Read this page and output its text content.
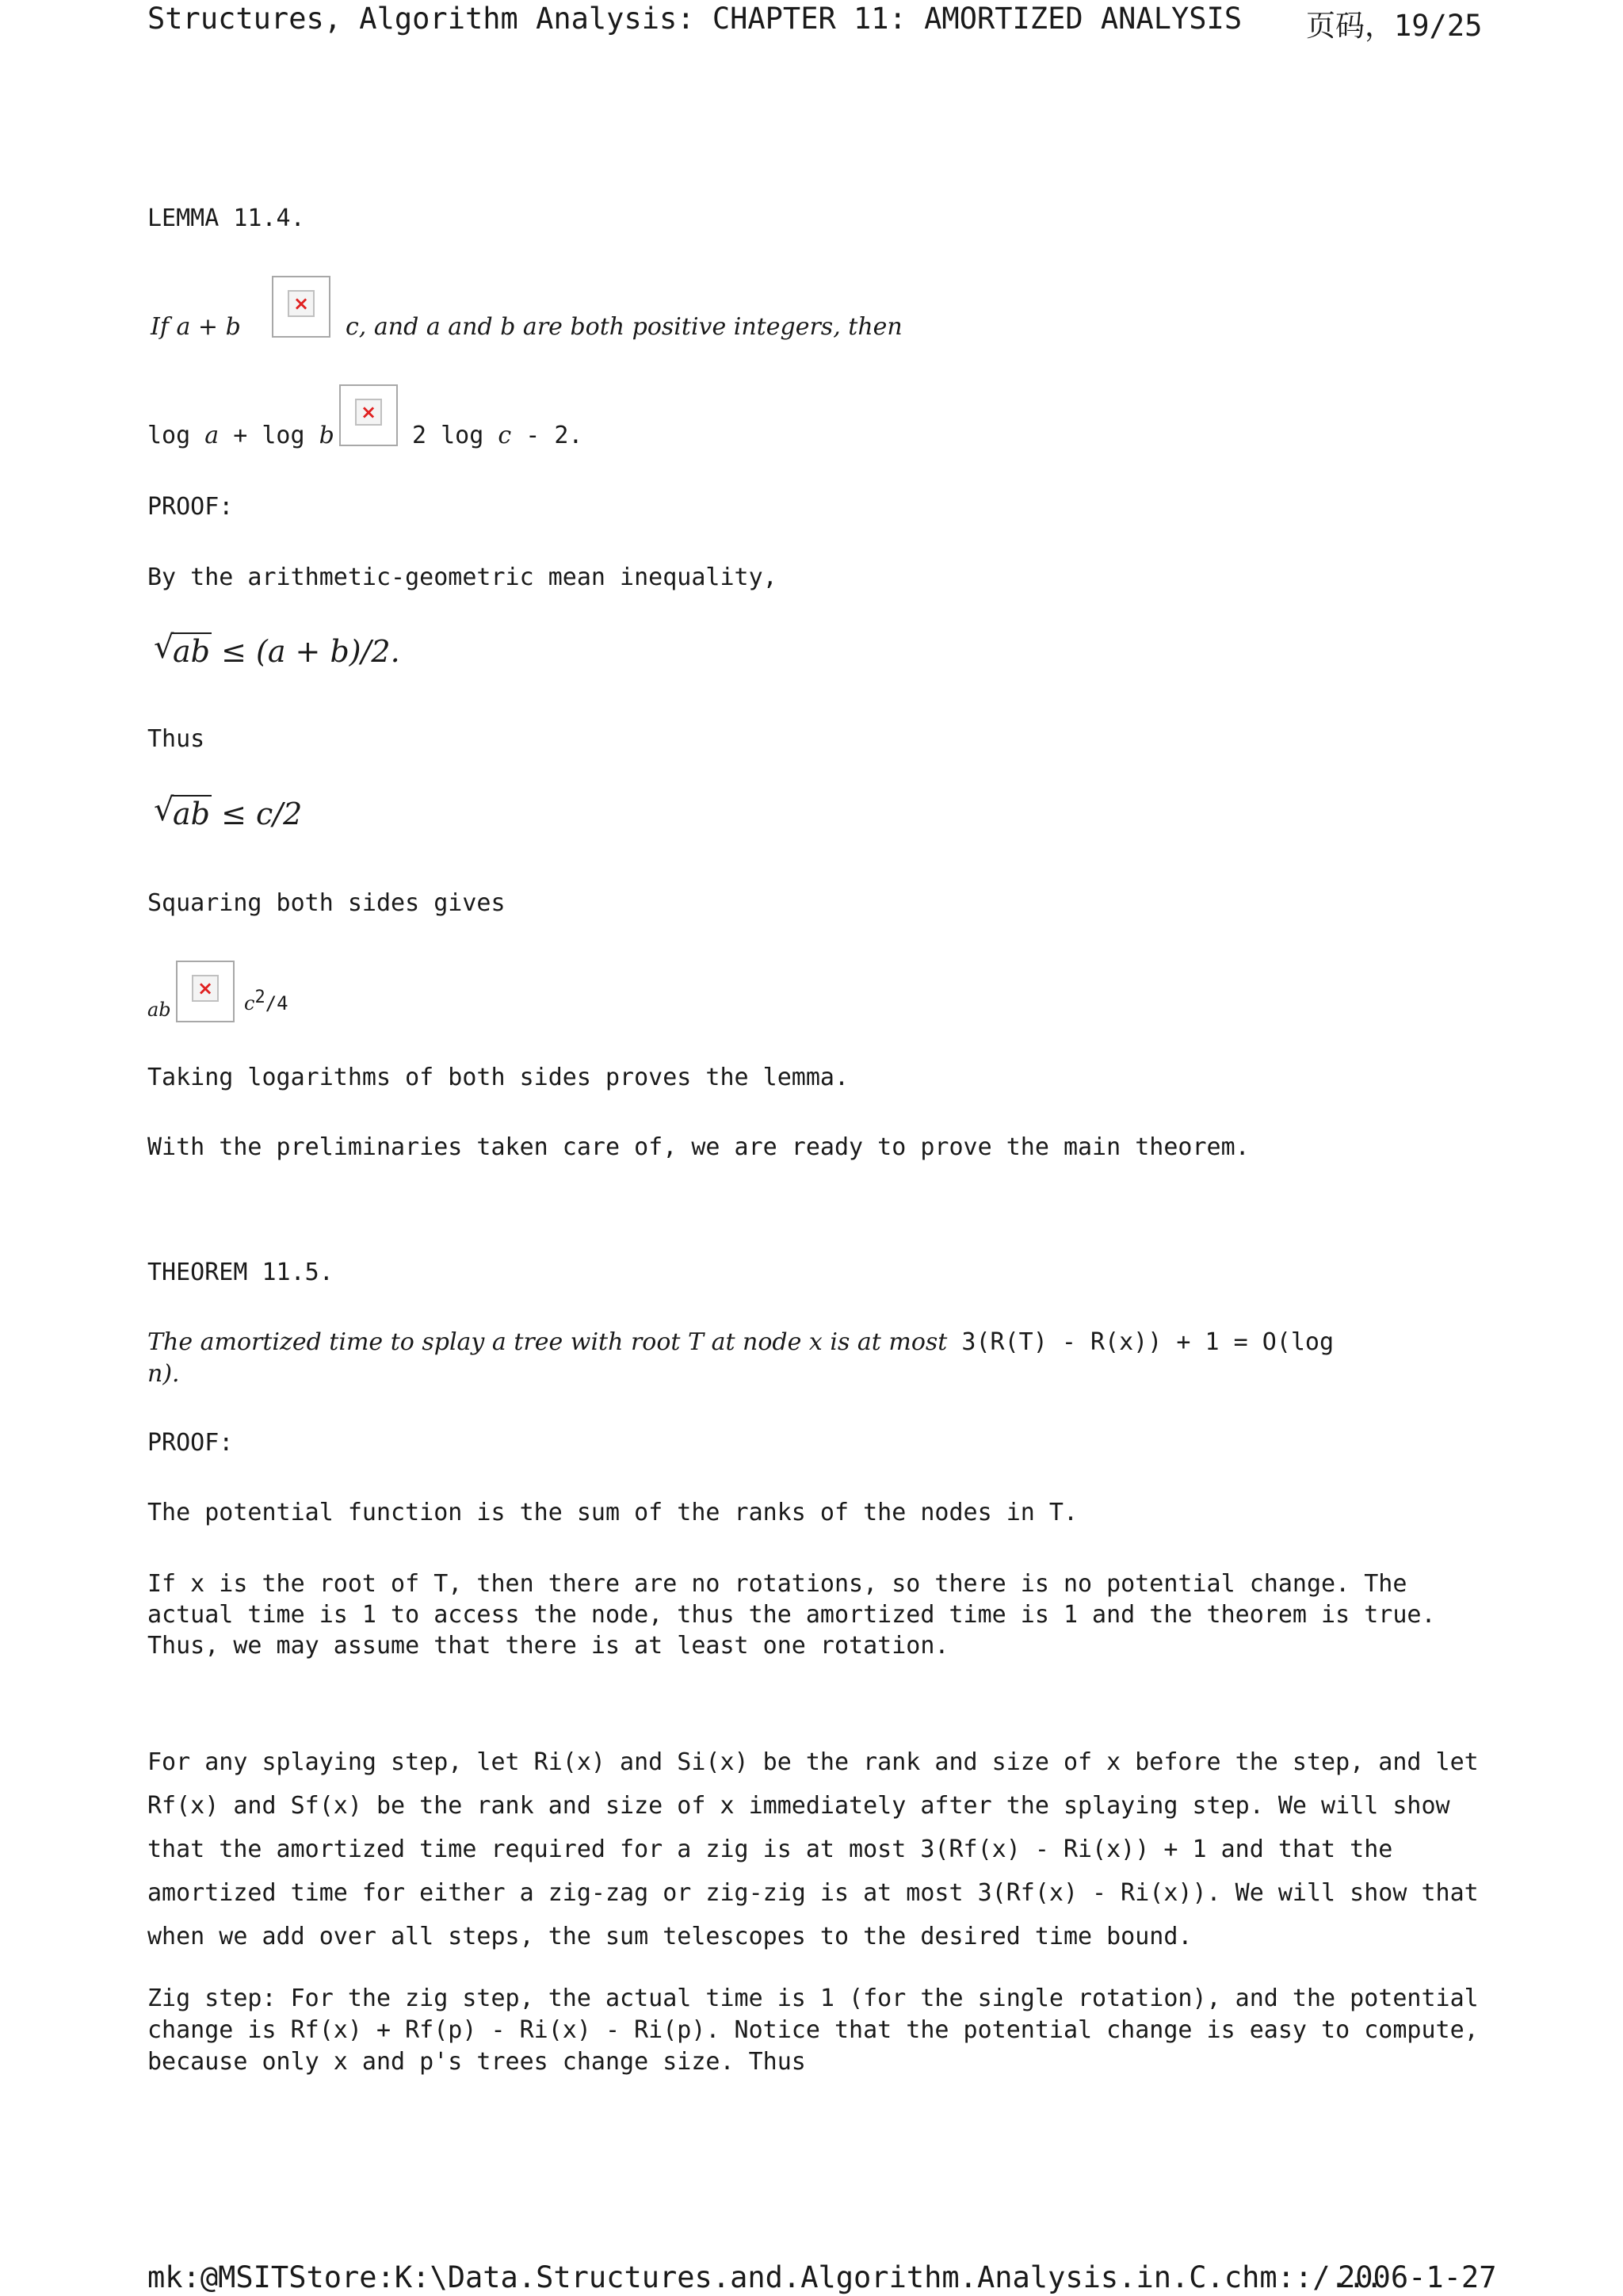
Structures, Algorithm Analysis: CHAPTER 11: AMORTIZED ANALYSIS 页码，19/25
LEMMA 11.4.
If a + b
×
c, and a and b are both positive integers, then
log a + log b
×
2 log c - 2.
PROOF:
By the arithmetic-geometric mean inequality,
√
ab ≤ (a + b)/2.
Thus
√
ab ≤ c/2
Squaring both sides gives
ab
×
$c^2/4$
Taking logarithms of both sides proves the lemma.
With the preliminaries taken care of, we are ready to prove the main theorem.
THEOREM 11.5.
The amortized time to splay a tree with root T at node x is at most 3(R(T) - R(x)) + 1 = O(log
n).
PROOF:
The potential function is the sum of the ranks of the nodes in T.
If x is the root of T, then there are no rotations, so there is no potential change. The actual time is 1 to access the node, thus the amortized time is 1 and the theorem is true. Thus, we may assume that there is at least one rotation.
For any splaying step, let Ri(x) and Si(x) be the rank and size of x before the step, and let Rf(x) and Sf(x) be the rank and size of x immediately after the splaying step. We will show that the amortized time required for a zig is at most 3(Rf(x) - Ri(x)) + 1 and that the amortized time for either a zig-zag or zig-zig is at most 3(Rf(x) - Ri(x)). We will show that when we add over all steps, the sum telescopes to the desired time bound.
Zig step: For the zig step, the actual time is 1 (for the single rotation), and the potential change is Rf(x) + Rf(p) - Ri(x) - Ri(p). Notice that the potential change is easy to compute, because only x and p's trees change size. Thus
mk:@MSITStore:K:\Data.Structures.and.Algorithm.Analysis.in.C.chm::/...
2006-1-27
